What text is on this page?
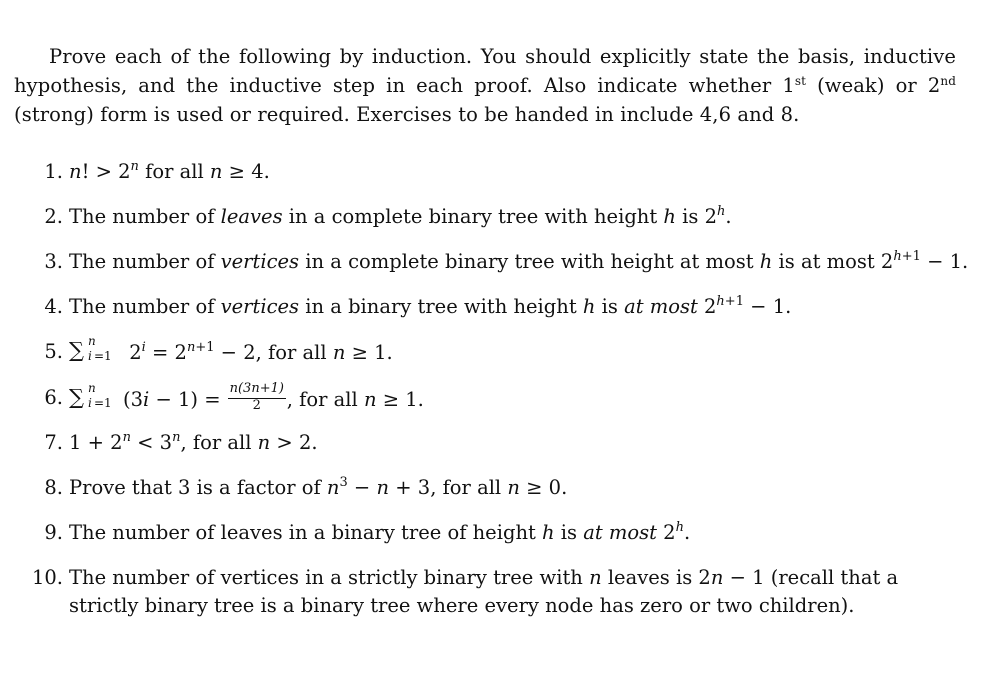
Prove each of the following by induction. You should explicitly state the basis, inductive hypothesis, and the inductive step in each proof. Also indicate whether 1st (weak) or 2nd (strong) form is used or required. Exercises to be handed in include 4,6 and 8.

1. n! > $2^n$ for all n ≥ 4.
2. The number of leaves in a complete binary tree with height h is 2$^h$.
3. The number of vertices in a complete binary tree with height at most h is at most $2^{h+1} - 1$.
4. The number of vertices in a binary tree with height h is at most $2^{h+1} - 1$.
5. ∑ n
i =1 $2^i = 2^{n+1} - 2$, for all n ≥ 1.
6. ∑ n
i =1 $(3i - 1) = \frac{n(3n+1)}{2}$ , for all n ≥ 1.
7. $1 + 2^n < 3^n$, for all n > 2.
8. Prove that 3 is a factor of $n^3 - n + 3$, for all n ≥ 0.
9. The number of leaves in a binary tree of height h is at most 2$^h$.
10. The number of vertices in a strictly binary tree with n leaves is 2n − 1 (recall that a strictly binary tree is a binary tree where every node has zero or two children).
